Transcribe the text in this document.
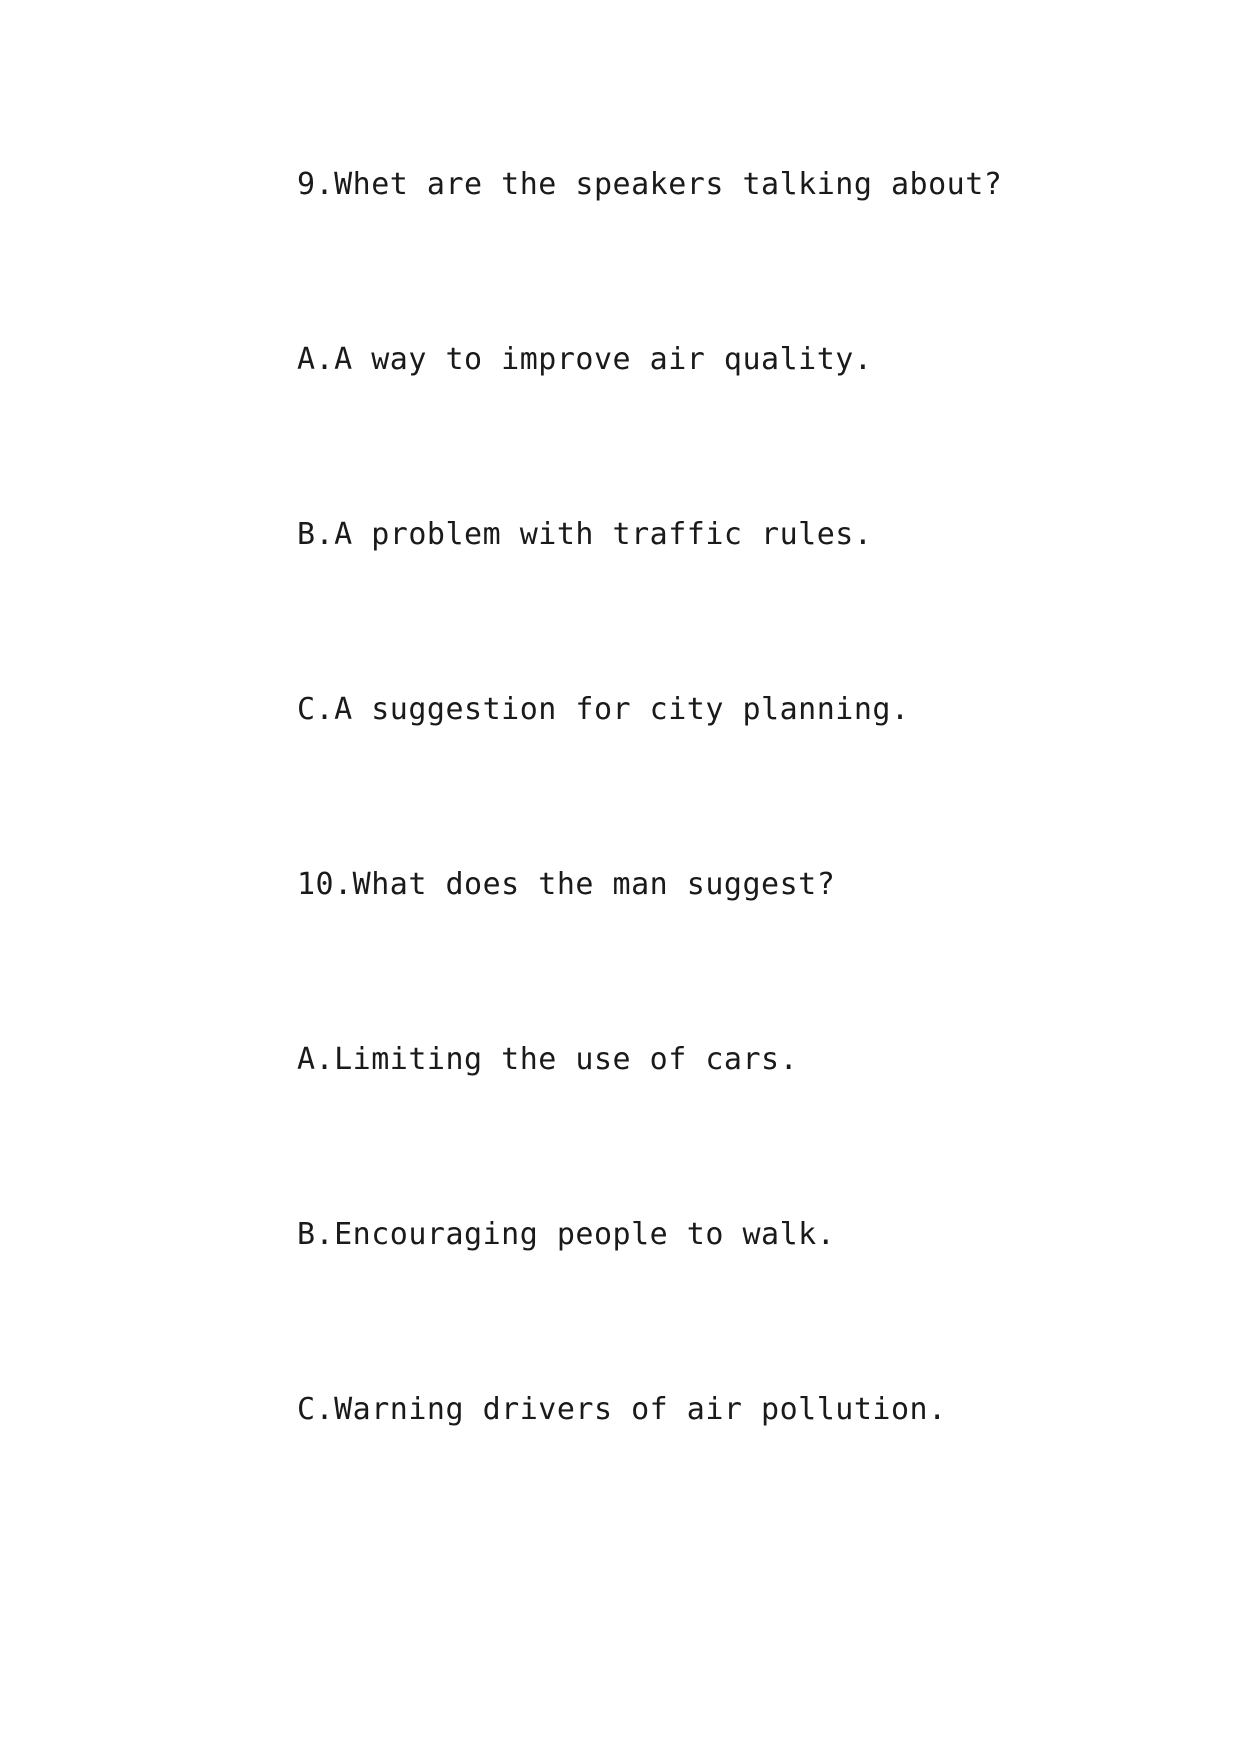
9.Whet are the speakers talking about?
A.A way to improve air quality.
B.A problem with traffic rules.
C.A suggestion for city planning.
10.What does the man suggest?
A.Limiting the use of cars.
B.Encouraging people to walk.
C.Warning drivers of air pollution.
